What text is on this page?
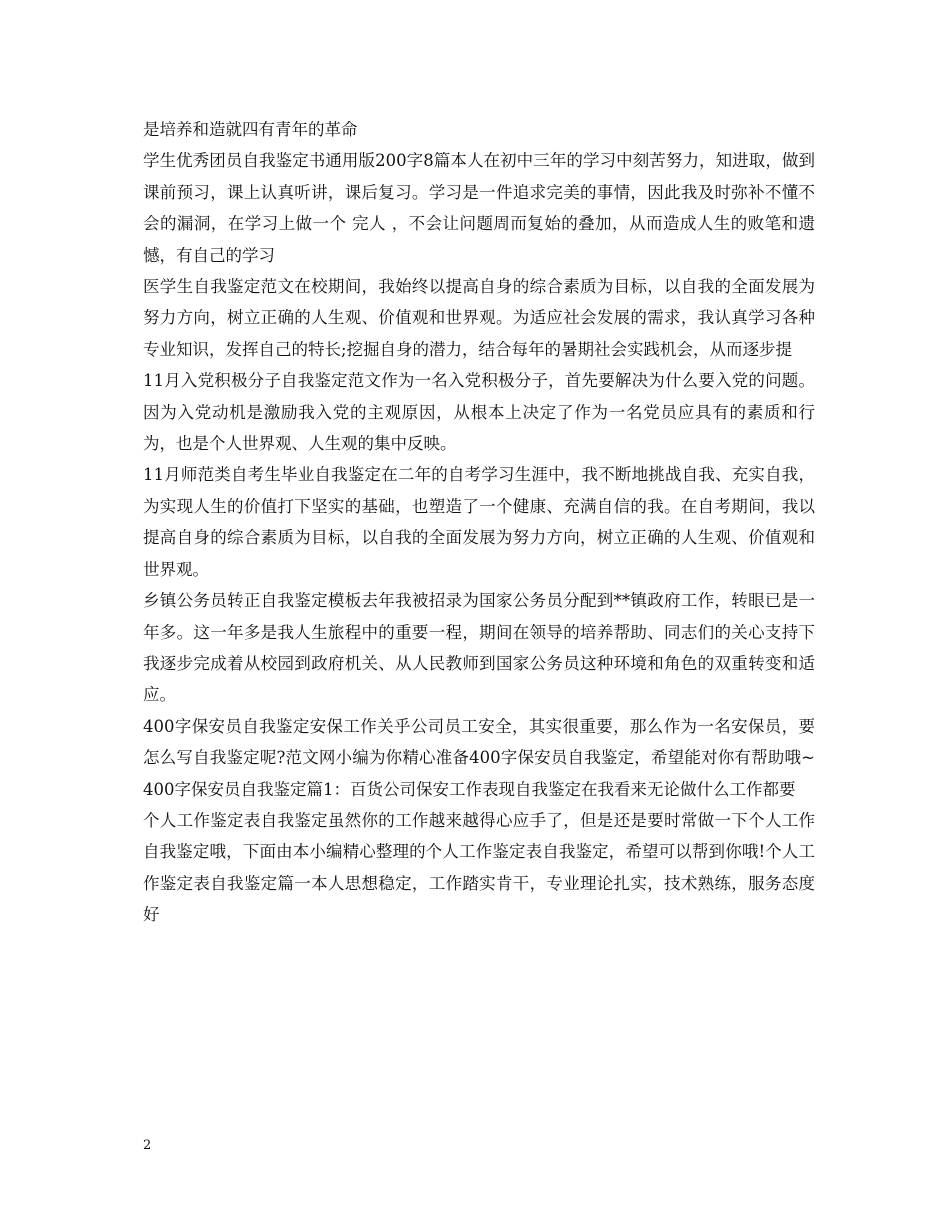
是培养和造就四有青年的革命

学生优秀团员自我鉴定书通用版200字8篇本人在初中三年的学习中刻苦努力，知进取，做到课前预习，课上认真听讲，课后复习。学习是一件追求完美的事情，因此我及时弥补不懂不会的漏洞，在学习上做一个 完人 ，不会让问题周而复始的叠加，从而造成人生的败笔和遗憾，有自己的学习

医学生自我鉴定范文在校期间，我始终以提高自身的综合素质为目标，以自我的全面发展为努力方向，树立正确的人生观、价值观和世界观。为适应社会发展的需求，我认真学习各种专业知识，发挥自己的特长;挖掘自身的潜力，结合每年的暑期社会实践机会，从而逐步提

11月入党积极分子自我鉴定范文作为一名入党积极分子，首先要解决为什么要入党的问题。因为入党动机是激励我入党的主观原因，从根本上决定了作为一名党员应具有的素质和行为，也是个人世界观、人生观的集中反映。

11月师范类自考生毕业自我鉴定在二年的自考学习生涯中，我不断地挑战自我、充实自我，为实现人生的价值打下坚实的基础，也塑造了一个健康、充满自信的我。在自考期间，我以提高自身的综合素质为目标，以自我的全面发展为努力方向，树立正确的人生观、价值观和世界观。

乡镇公务员转正自我鉴定模板去年我被招录为国家公务员分配到**镇政府工作，转眼已是一年多。这一年多是我人生旅程中的重要一程，期间在领导的培养帮助、同志们的关心支持下我逐步完成着从校园到政府机关、从人民教师到国家公务员这种环境和角色的双重转变和适应。

400字保安员自我鉴定安保工作关乎公司员工安全，其实很重要，那么作为一名安保员，要怎么写自我鉴定呢?范文网小编为你精心准备400字保安员自我鉴定，希望能对你有帮助哦~400字保安员自我鉴定篇1：百货公司保安工作表现自我鉴定在我看来无论做什么工作都要

个人工作鉴定表自我鉴定虽然你的工作越来越得心应手了，但是还是要时常做一下个人工作自我鉴定哦，下面由本小编精心整理的个人工作鉴定表自我鉴定，希望可以帮到你哦!个人工作鉴定表自我鉴定篇一本人思想稳定，工作踏实肯干，专业理论扎实，技术熟练，服务态度好

2
